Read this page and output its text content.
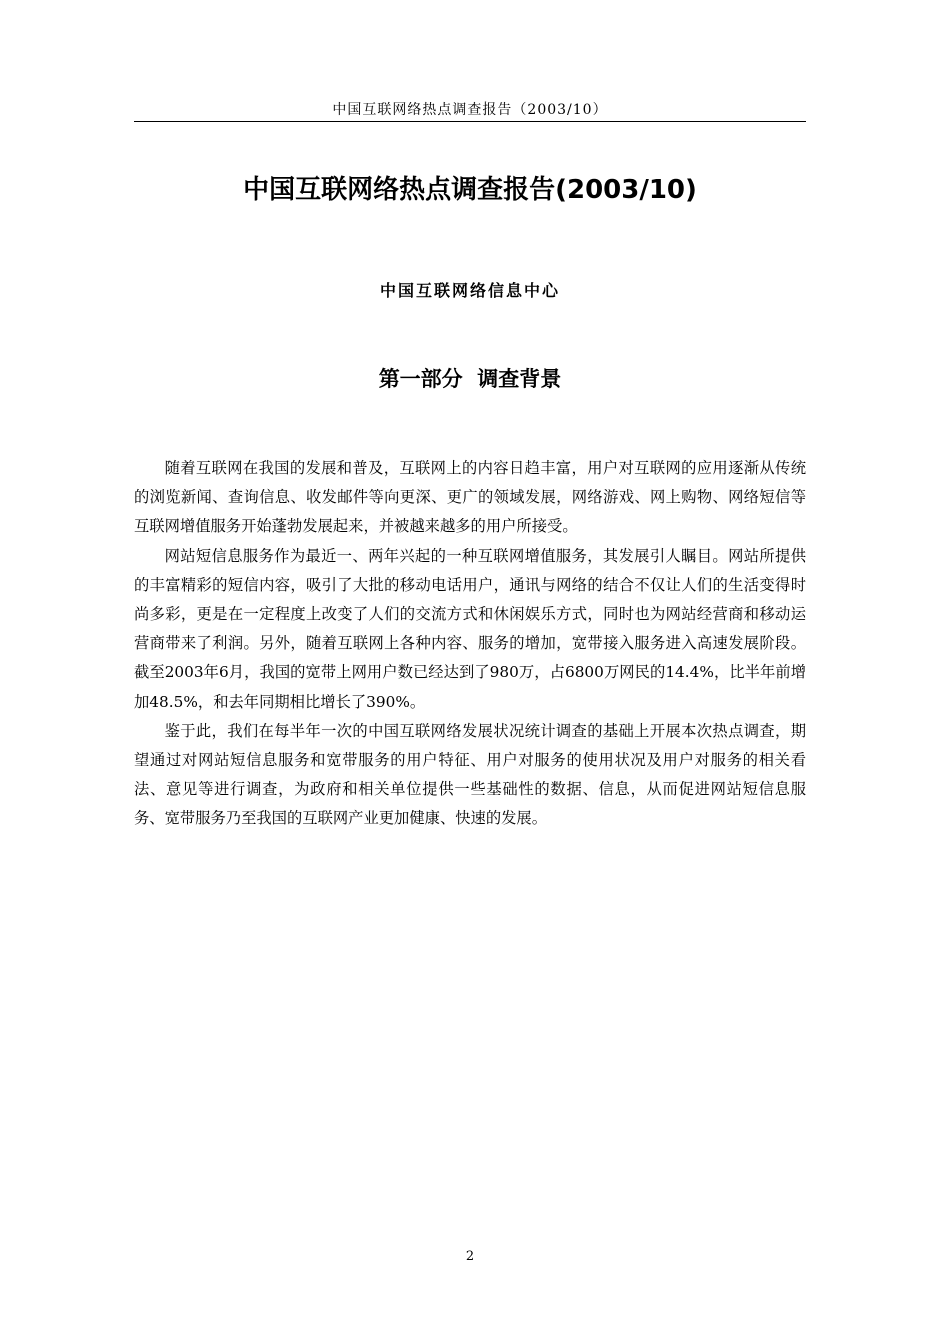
中国互联网络热点调查报告（2003/10）
中国互联网络热点调查报告(2003/10)
中国互联网络信息中心
第一部分  调查背景

随着互联网在我国的发展和普及，互联网上的内容日趋丰富，用户对互联网的应用逐渐从传统的浏览新闻、查询信息、收发邮件等向更深、更广的领域发展，网络游戏、网上购物、网络短信等互联网增值服务开始蓬勃发展起来，并被越来越多的用户所接受。

网站短信息服务作为最近一、两年兴起的一种互联网增值服务，其发展引人瞩目。网站所提供的丰富精彩的短信内容，吸引了大批的移动电话用户，通讯与网络的结合不仅让人们的生活变得时尚多彩，更是在一定程度上改变了人们的交流方式和休闲娱乐方式，同时也为网站经营商和移动运营商带来了利润。另外，随着互联网上各种内容、服务的增加，宽带接入服务进入高速发展阶段。截至2003年6月，我国的宽带上网用户数已经达到了980万，占6800万网民的14.4%，比半年前增加48.5%，和去年同期相比增长了390%。

鉴于此，我们在每半年一次的中国互联网络发展状况统计调查的基础上开展本次热点调查，期望通过对网站短信息服务和宽带服务的用户特征、用户对服务的使用状况及用户对服务的相关看法、意见等进行调查，为政府和相关单位提供一些基础性的数据、信息，从而促进网站短信息服务、宽带服务乃至我国的互联网产业更加健康、快速的发展。

2
